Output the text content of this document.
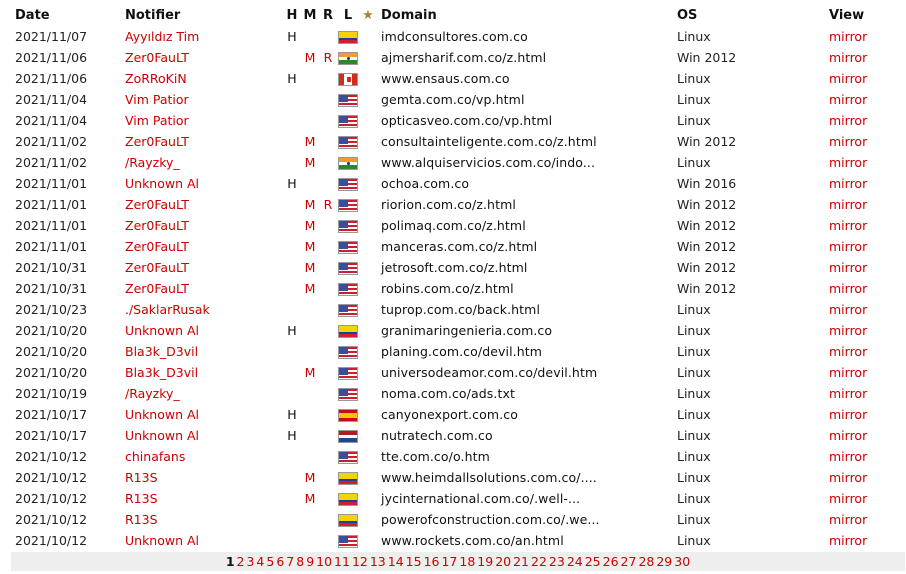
Date	Notifier	H	M	R	L	★	Domain	OS	View
2021/11/07	Ayyıldız Tim	H					imdconsultores.com.co	Linux	mirror
2021/11/06	Zer0FauLT		M	R			ajmersharif.com.co/z.html	Win 2012	mirror
2021/11/06	ZoRRoKiN	H					www.ensaus.com.co	Linux	mirror
2021/11/04	Vim Patior						gemta.com.co/vp.html	Linux	mirror
2021/11/04	Vim Patior						opticasveo.com.co/vp.html	Linux	mirror
2021/11/02	Zer0FauLT		M				consultainteligente.com.co/z.html	Win 2012	mirror
2021/11/02	/Rayzky_		M				www.alquiservicios.com.co/indo...	Linux	mirror
2021/11/01	Unknown Al	H					ochoa.com.co	Win 2016	mirror
2021/11/01	Zer0FauLT		M	R			riorion.com.co/z.html	Win 2012	mirror
2021/11/01	Zer0FauLT		M				polimaq.com.co/z.html	Win 2012	mirror
2021/11/01	Zer0FauLT		M				manceras.com.co/z.html	Win 2012	mirror
2021/10/31	Zer0FauLT		M				jetrosoft.com.co/z.html	Win 2012	mirror
2021/10/31	Zer0FauLT		M				robins.com.co/z.html	Win 2012	mirror
2021/10/23	./SaklarRusak						tuprop.com.co/back.html	Linux	mirror
2021/10/20	Unknown Al	H					granimaringenieria.com.co	Linux	mirror
2021/10/20	Bla3k_D3vil						planing.com.co/devil.htm	Linux	mirror
2021/10/20	Bla3k_D3vil		M				universodeamor.com.co/devil.htm	Linux	mirror
2021/10/19	/Rayzky_						noma.com.co/ads.txt	Linux	mirror
2021/10/17	Unknown Al	H					canyonexport.com.co	Linux	mirror
2021/10/17	Unknown Al	H					nutratech.com.co	Linux	mirror
2021/10/12	chinafans						tte.com.co/o.htm	Linux	mirror
2021/10/12	R13S		M				www.heimdallsolutions.com.co/....	Linux	mirror
2021/10/12	R13S		M				jycinternational.com.co/.well-...	Linux	mirror
2021/10/12	R13S						powerofconstruction.com.co/.we...	Linux	mirror
2021/10/12	Unknown Al						www.rockets.com.co/an.html	Linux	mirror
1 2 3 4 5 6 7 8 9 10 11 12 13 14 15 16 17 18 19 20 21 22 23 24 25 26 27 28 29 30
